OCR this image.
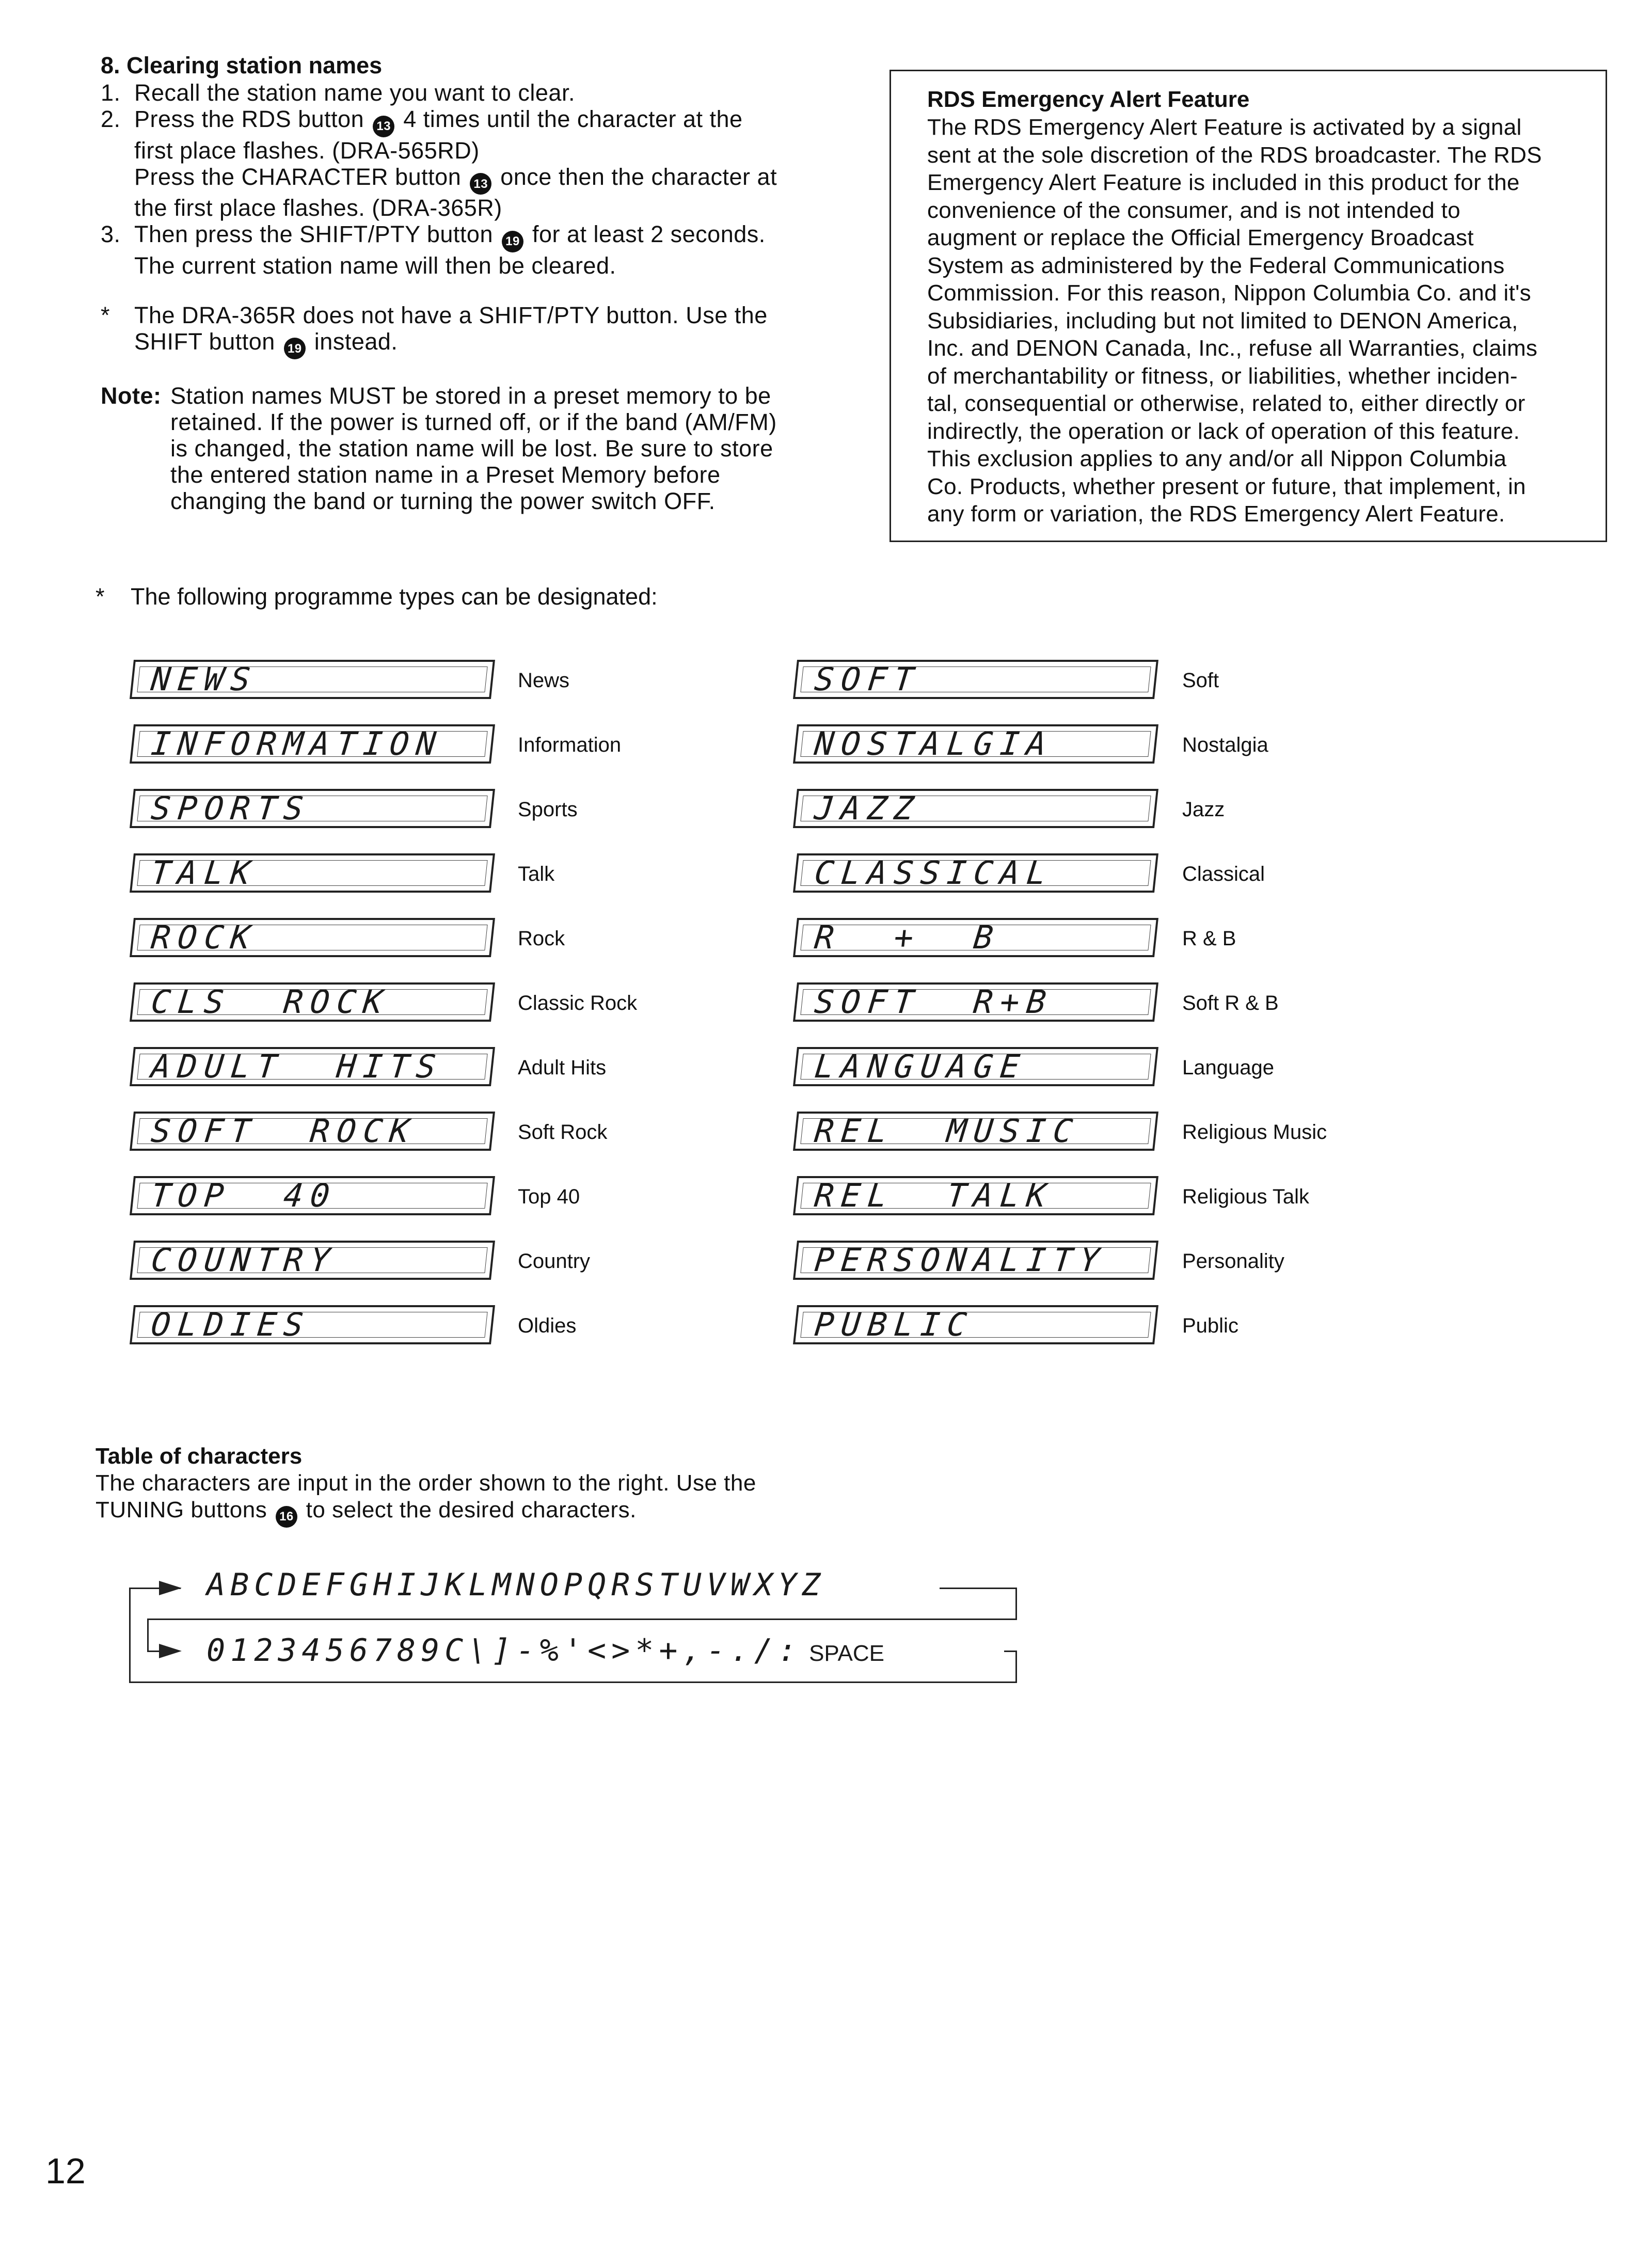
8. Clearing station names
1. Recall the station name you want to clear.
2. Press the RDS button 13 4 times until the character at the
first place flashes. (DRA-565RD)
Press the CHARACTER button 13 once then the character at
the first place flashes. (DRA-365R)
3. Then press the SHIFT/PTY button 19 for at least 2 seconds.
The current station name will then be cleared.
* The DRA-365R does not have a SHIFT/PTY button. Use the
SHIFT button 19 instead.
Note: Station names MUST be stored in a preset memory to be
retained. If the power is turned off, or if the band (AM/FM)
is changed, the station name will be lost. Be sure to store
the entered station name in a Preset Memory before
changing the band or turning the power switch OFF.
RDS Emergency Alert Feature
The RDS Emergency Alert Feature is activated by a signal
sent at the sole discretion of the RDS broadcaster. The RDS
Emergency Alert Feature is included in this product for the
convenience of the consumer, and is not intended to
augment or replace the Official Emergency Broadcast
System as administered by the Federal Communications
Commission. For this reason, Nippon Columbia Co. and it's
Subsidiaries, including but not limited to DENON America,
Inc. and DENON Canada, Inc., refuse all Warranties, claims
of merchantability or fitness, or liabilities, whether inciden-
tal, consequential or otherwise, related to, either directly or
indirectly, the operation or lack of operation of this feature.
This exclusion applies to any and/or all Nippon Columbia
Co. Products, whether present or future, that implement, in
any form or variation, the RDS Emergency Alert Feature.
* The following programme types can be designated:
NEWS	News
INFORMATION	Information
SPORTS	Sports
TALK	Talk
ROCK	Rock
CLS  ROCK	Classic Rock
ADULT  HITS	Adult Hits
SOFT  ROCK	Soft Rock
TOP  40	Top 40
COUNTRY	Country
OLDIES	Oldies
SOFT	Soft
NOSTALGIA	Nostalgia
JAZZ	Jazz
CLASSICAL	Classical
R  +  B	R & B
SOFT  R+B	Soft R & B
LANGUAGE	Language
REL  MUSIC	Religious Music
REL  TALK	Religious Talk
PERSONALITY	Personality
PUBLIC	Public
Table of characters
The characters are input in the order shown to the right. Use the
TUNING buttons 16 to select the desired characters.
ABCDEFGHIJKLMNOPQRSTUVWXYZ
0123456789C\]-%'<>*+,-./: SPACE
12
